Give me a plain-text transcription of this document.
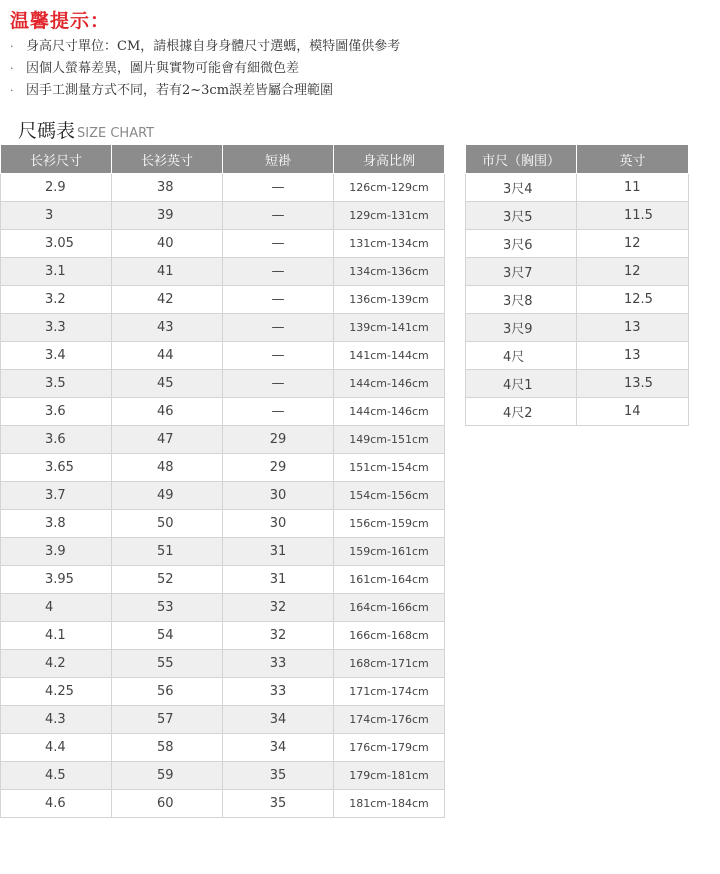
温馨提示：
· 身高尺寸單位：CM，請根據自身身體尺寸選螞，模特圖僅供參考
· 因個人螢幕差異，圖片與實物可能會有細微色差
· 因手工測量方式不同，若有2~3cm誤差皆屬合理範圍
尺碼表 SIZE CHART
长衫尺寸	长衫英寸	短褂	身高比例
2.9	38	—	126cm-129cm
3	39	—	129cm-131cm
3.05	40	—	131cm-134cm
3.1	41	—	134cm-136cm
3.2	42	—	136cm-139cm
3.3	43	—	139cm-141cm
3.4	44	—	141cm-144cm
3.5	45	—	144cm-146cm
3.6	46	—	144cm-146cm
3.6	47	29	149cm-151cm
3.65	48	29	151cm-154cm
3.7	49	30	154cm-156cm
3.8	50	30	156cm-159cm
3.9	51	31	159cm-161cm
3.95	52	31	161cm-164cm
4	53	32	164cm-166cm
4.1	54	32	166cm-168cm
4.2	55	33	168cm-171cm
4.25	56	33	171cm-174cm
4.3	57	34	174cm-176cm
4.4	58	34	176cm-179cm
4.5	59	35	179cm-181cm
4.6	60	35	181cm-184cm
市尺（胸围）	英寸
3尺4	11
3尺5	11.5
3尺6	12
3尺7	12
3尺8	12.5
3尺9	13
4尺	13
4尺1	13.5
4尺2	14
